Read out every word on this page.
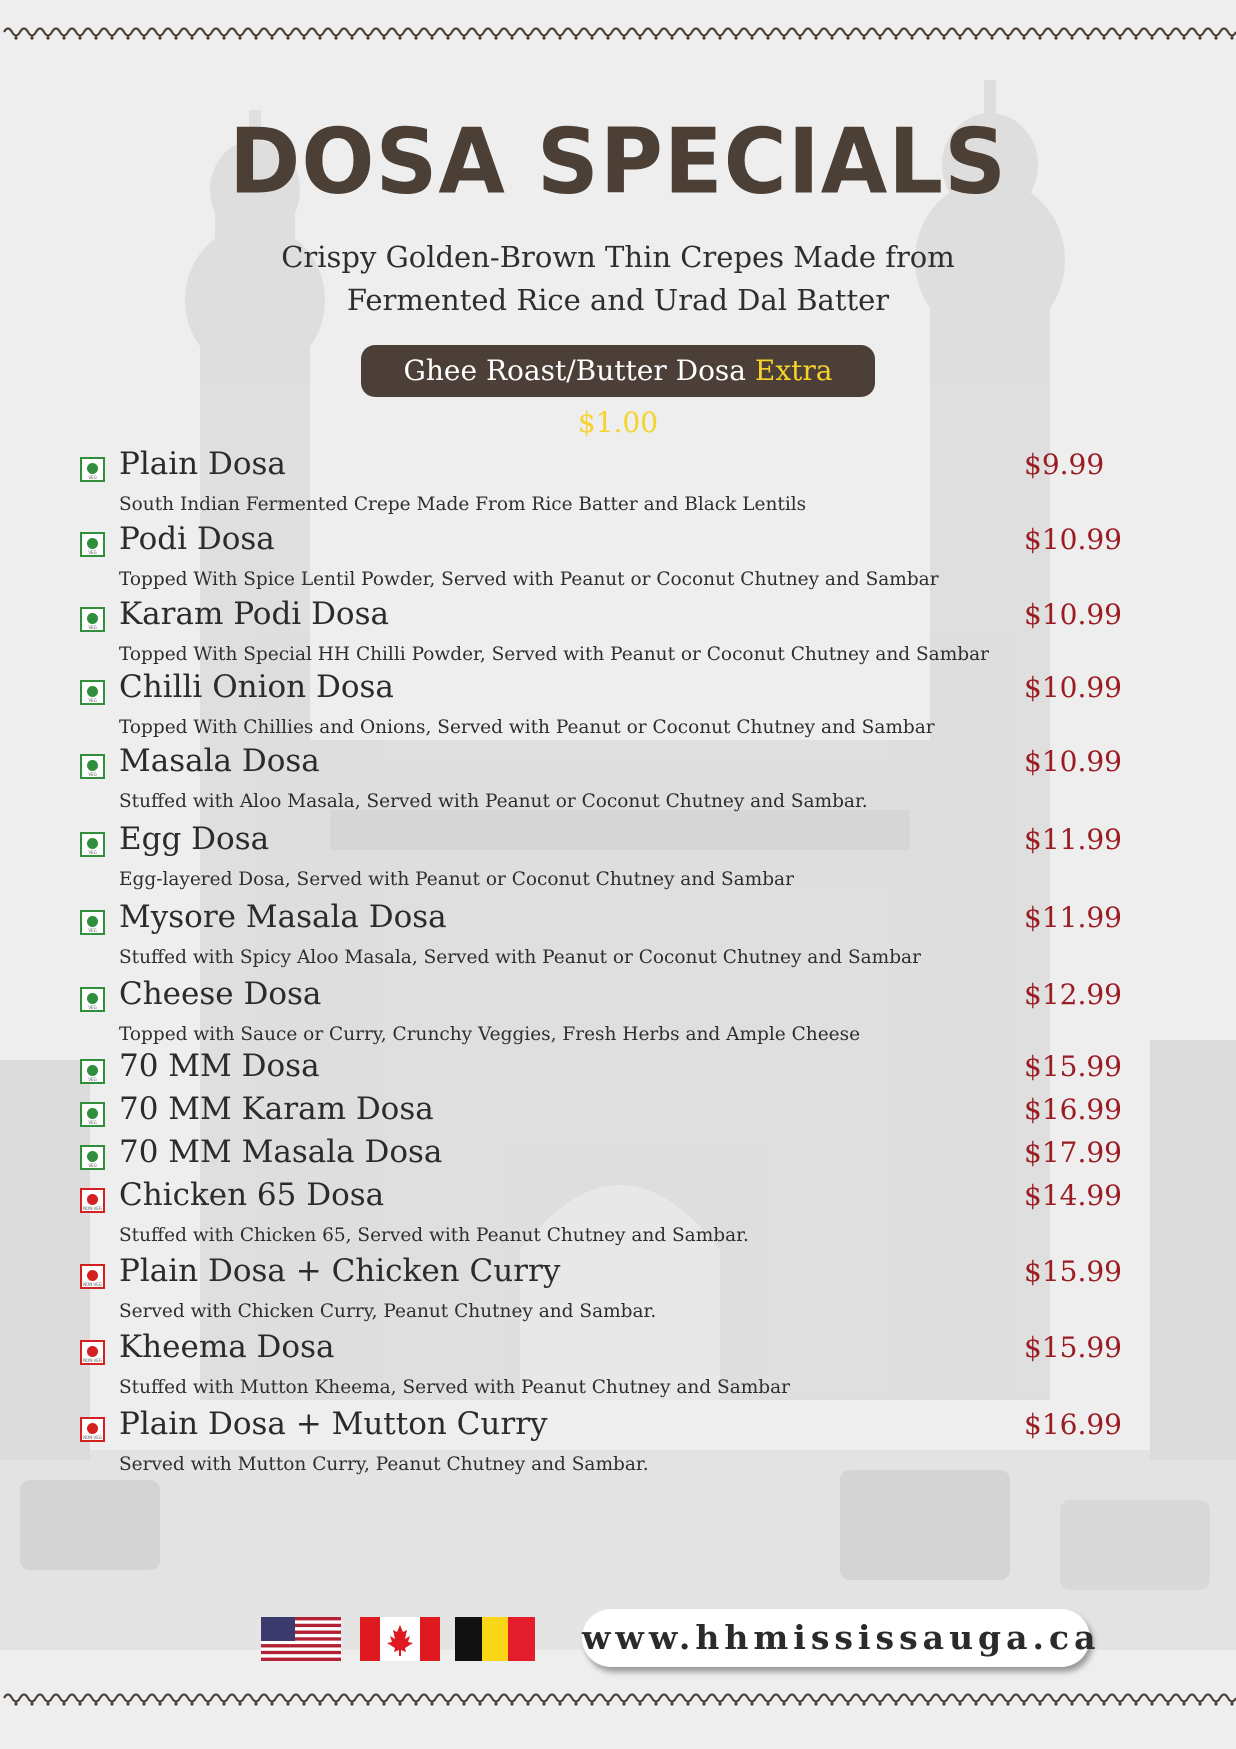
DOSA SPECIALS
Crispy Golden-Brown Thin Crepes Made from
Fermented Rice and Urad Dal Batter
Ghee Roast/Butter Dosa Extra $1.00
VEG Plain Dosa	$9.99
South Indian Fermented Crepe Made From Rice Batter and Black Lentils
VEG Podi Dosa	$10.99
Topped With Spice Lentil Powder, Served with Peanut or Coconut Chutney and Sambar
VEG Karam Podi Dosa	$10.99
Topped With Special HH Chilli Powder, Served with Peanut or Coconut Chutney and Sambar
VEG Chilli Onion Dosa	$10.99
Topped With Chillies and Onions, Served with Peanut or Coconut Chutney and Sambar
VEG Masala Dosa	$10.99
Stuffed with Aloo Masala, Served with Peanut or Coconut Chutney and Sambar.
VEG Egg Dosa	$11.99
Egg-layered Dosa, Served with Peanut or Coconut Chutney and Sambar
VEG Mysore Masala Dosa	$11.99
Stuffed with Spicy Aloo Masala, Served with Peanut or Coconut Chutney and Sambar
VEG Cheese Dosa	$12.99
Topped with Sauce or Curry, Crunchy Veggies, Fresh Herbs and Ample Cheese
VEG 70 MM Dosa	$15.99
VEG 70 MM Karam Dosa	$16.99
VEG 70 MM Masala Dosa	$17.99
NON-VEG Chicken 65 Dosa	$14.99
Stuffed with Chicken 65, Served with Peanut Chutney and Sambar.
NON-VEG Plain Dosa + Chicken Curry	$15.99
Served with Chicken Curry, Peanut Chutney and Sambar.
NON-VEG Kheema Dosa	$15.99
Stuffed with Mutton Kheema, Served with Peanut Chutney and Sambar
NON-VEG Plain Dosa + Mutton Curry	$16.99
Served with Mutton Curry, Peanut Chutney and Sambar.
www.hhmississauga.ca
